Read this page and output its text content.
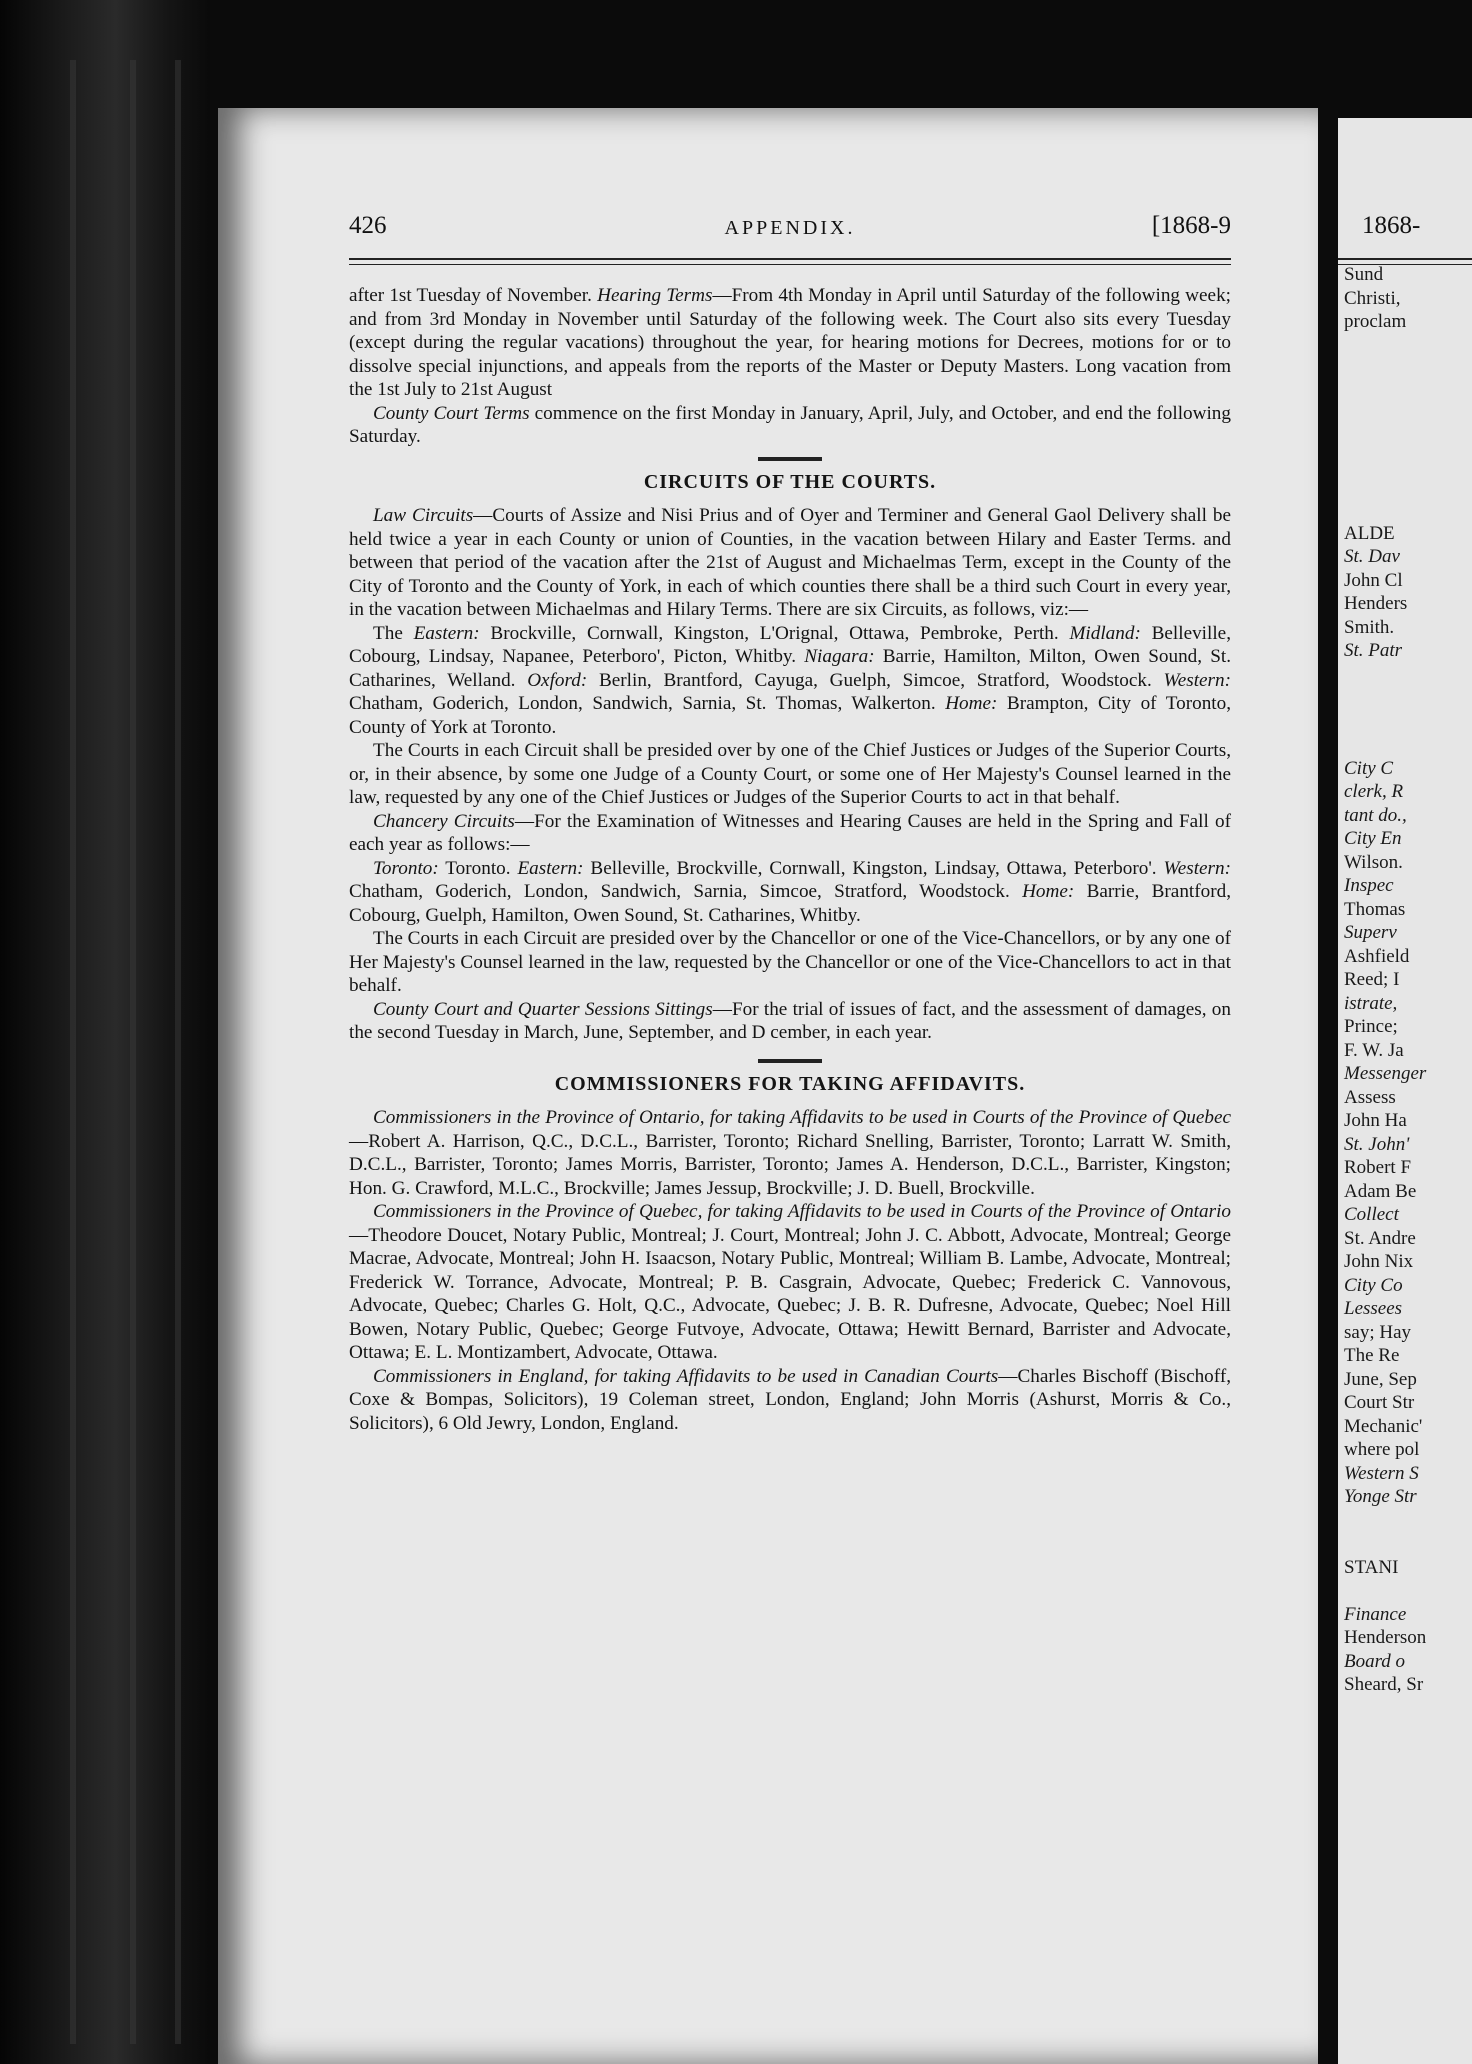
426	APPENDIX.	[1868-9

after 1st Tuesday of November. Hearing Terms—From 4th Monday in April until Saturday of the following week; and from 3rd Monday in November until Saturday of the following week. The Court also sits every Tuesday (except during the regular vacations) throughout the year, for hearing motions for Decrees, motions for or to dissolve special injunctions, and appeals from the reports of the Master or Deputy Masters. Long vacation from the 1st July to 21st August

County Court Terms commence on the first Monday in January, April, July, and October, and end the following Saturday.

CIRCUITS OF THE COURTS.

Law Circuits—Courts of Assize and Nisi Prius and of Oyer and Terminer and General Gaol Delivery shall be held twice a year in each County or union of Counties, in the vacation between Hilary and Easter Terms. and between that period of the vacation after the 21st of August and Michaelmas Term, except in the County of the City of Toronto and the County of York, in each of which counties there shall be a third such Court in every year, in the vacation between Michaelmas and Hilary Terms. There are six Circuits, as follows, viz:—

The Eastern: Brockville, Cornwall, Kingston, L'Orignal, Ottawa, Pembroke, Perth. Midland: Belleville, Cobourg, Lindsay, Napanee, Peterboro', Picton, Whitby. Niagara: Barrie, Hamilton, Milton, Owen Sound, St. Catharines, Welland. Oxford: Berlin, Brantford, Cayuga, Guelph, Simcoe, Stratford, Woodstock. Western: Chatham, Goderich, London, Sandwich, Sarnia, St. Thomas, Walkerton. Home: Brampton, City of Toronto, County of York at Toronto.

The Courts in each Circuit shall be presided over by one of the Chief Justices or Judges of the Superior Courts, or, in their absence, by some one Judge of a County Court, or some one of Her Majesty's Counsel learned in the law, requested by any one of the Chief Justices or Judges of the Superior Courts to act in that behalf.

Chancery Circuits—For the Examination of Witnesses and Hearing Causes are held in the Spring and Fall of each year as follows:—

Toronto: Toronto. Eastern: Belleville, Brockville, Cornwall, Kingston, Lindsay, Ottawa, Peterboro'. Western: Chatham, Goderich, London, Sandwich, Sarnia, Simcoe, Stratford, Woodstock. Home: Barrie, Brantford, Cobourg, Guelph, Hamilton, Owen Sound, St. Catharines, Whitby.

The Courts in each Circuit are presided over by the Chancellor or one of the Vice-Chancellors, or by any one of Her Majesty's Counsel learned in the law, requested by the Chancellor or one of the Vice-Chancellors to act in that behalf.

County Court and Quarter Sessions Sittings—For the trial of issues of fact, and the assessment of damages, on the second Tuesday in March, June, September, and D cember, in each year.

COMMISSIONERS FOR TAKING AFFIDAVITS.

Commissioners in the Province of Ontario, for taking Affidavits to be used in Courts of the Province of Quebec—Robert A. Harrison, Q.C., D.C.L., Barrister, Toronto; Richard Snelling, Barrister, Toronto; Larratt W. Smith, D.C.L., Barrister, Toronto; James Morris, Barrister, Toronto; James A. Henderson, D.C.L., Barrister, Kingston; Hon. G. Crawford, M.L.C., Brockville; James Jessup, Brockville; J. D. Buell, Brockville.

Commissioners in the Province of Quebec, for taking Affidavits to be used in Courts of the Province of Ontario—Theodore Doucet, Notary Public, Montreal; J. Court, Montreal; John J. C. Abbott, Advocate, Montreal; George Macrae, Advocate, Montreal; John H. Isaacson, Notary Public, Montreal; William B. Lambe, Advocate, Montreal; Frederick W. Torrance, Advocate, Montreal; P. B. Casgrain, Advocate, Quebec; Frederick C. Vannovous, Advocate, Quebec; Charles G. Holt, Q.C., Advocate, Quebec; J. B. R. Dufresne, Advocate, Quebec; Noel Hill Bowen, Notary Public, Quebec; George Futvoye, Advocate, Ottawa; Hewitt Bernard, Barrister and Advocate, Ottawa; E. L. Montizambert, Advocate, Ottawa.

Commissioners in England, for taking Affidavits to be used in Canadian Courts—Charles Bischoff (Bischoff, Coxe & Bompas, Solicitors), 19 Coleman street, London, England; John Morris (Ashurst, Morris & Co., Solicitors), 6 Old Jewry, London, England.

1868-
Sund
Christi,
proclam
ALDE
St. Dav
John Cl
Henders
Smith.
St. Patr
City C
clerk, R
tant do.,
City En
Wilson.
Inspec
Thomas
Superv
Ashfield
Reed; I
istrate,
Prince;
F. W. Ja
Messenger
Assess
John Ha
St. John'
Robert F
Adam Be
Collect
St. Andre
John Nix
City Co
Lessees
say; Hay
The Re
June, Sep
Court Str
Mechanic'
where pol
Western S
Yonge Str
STANI
Finance
Henderson
Board o
Sheard, Sr
